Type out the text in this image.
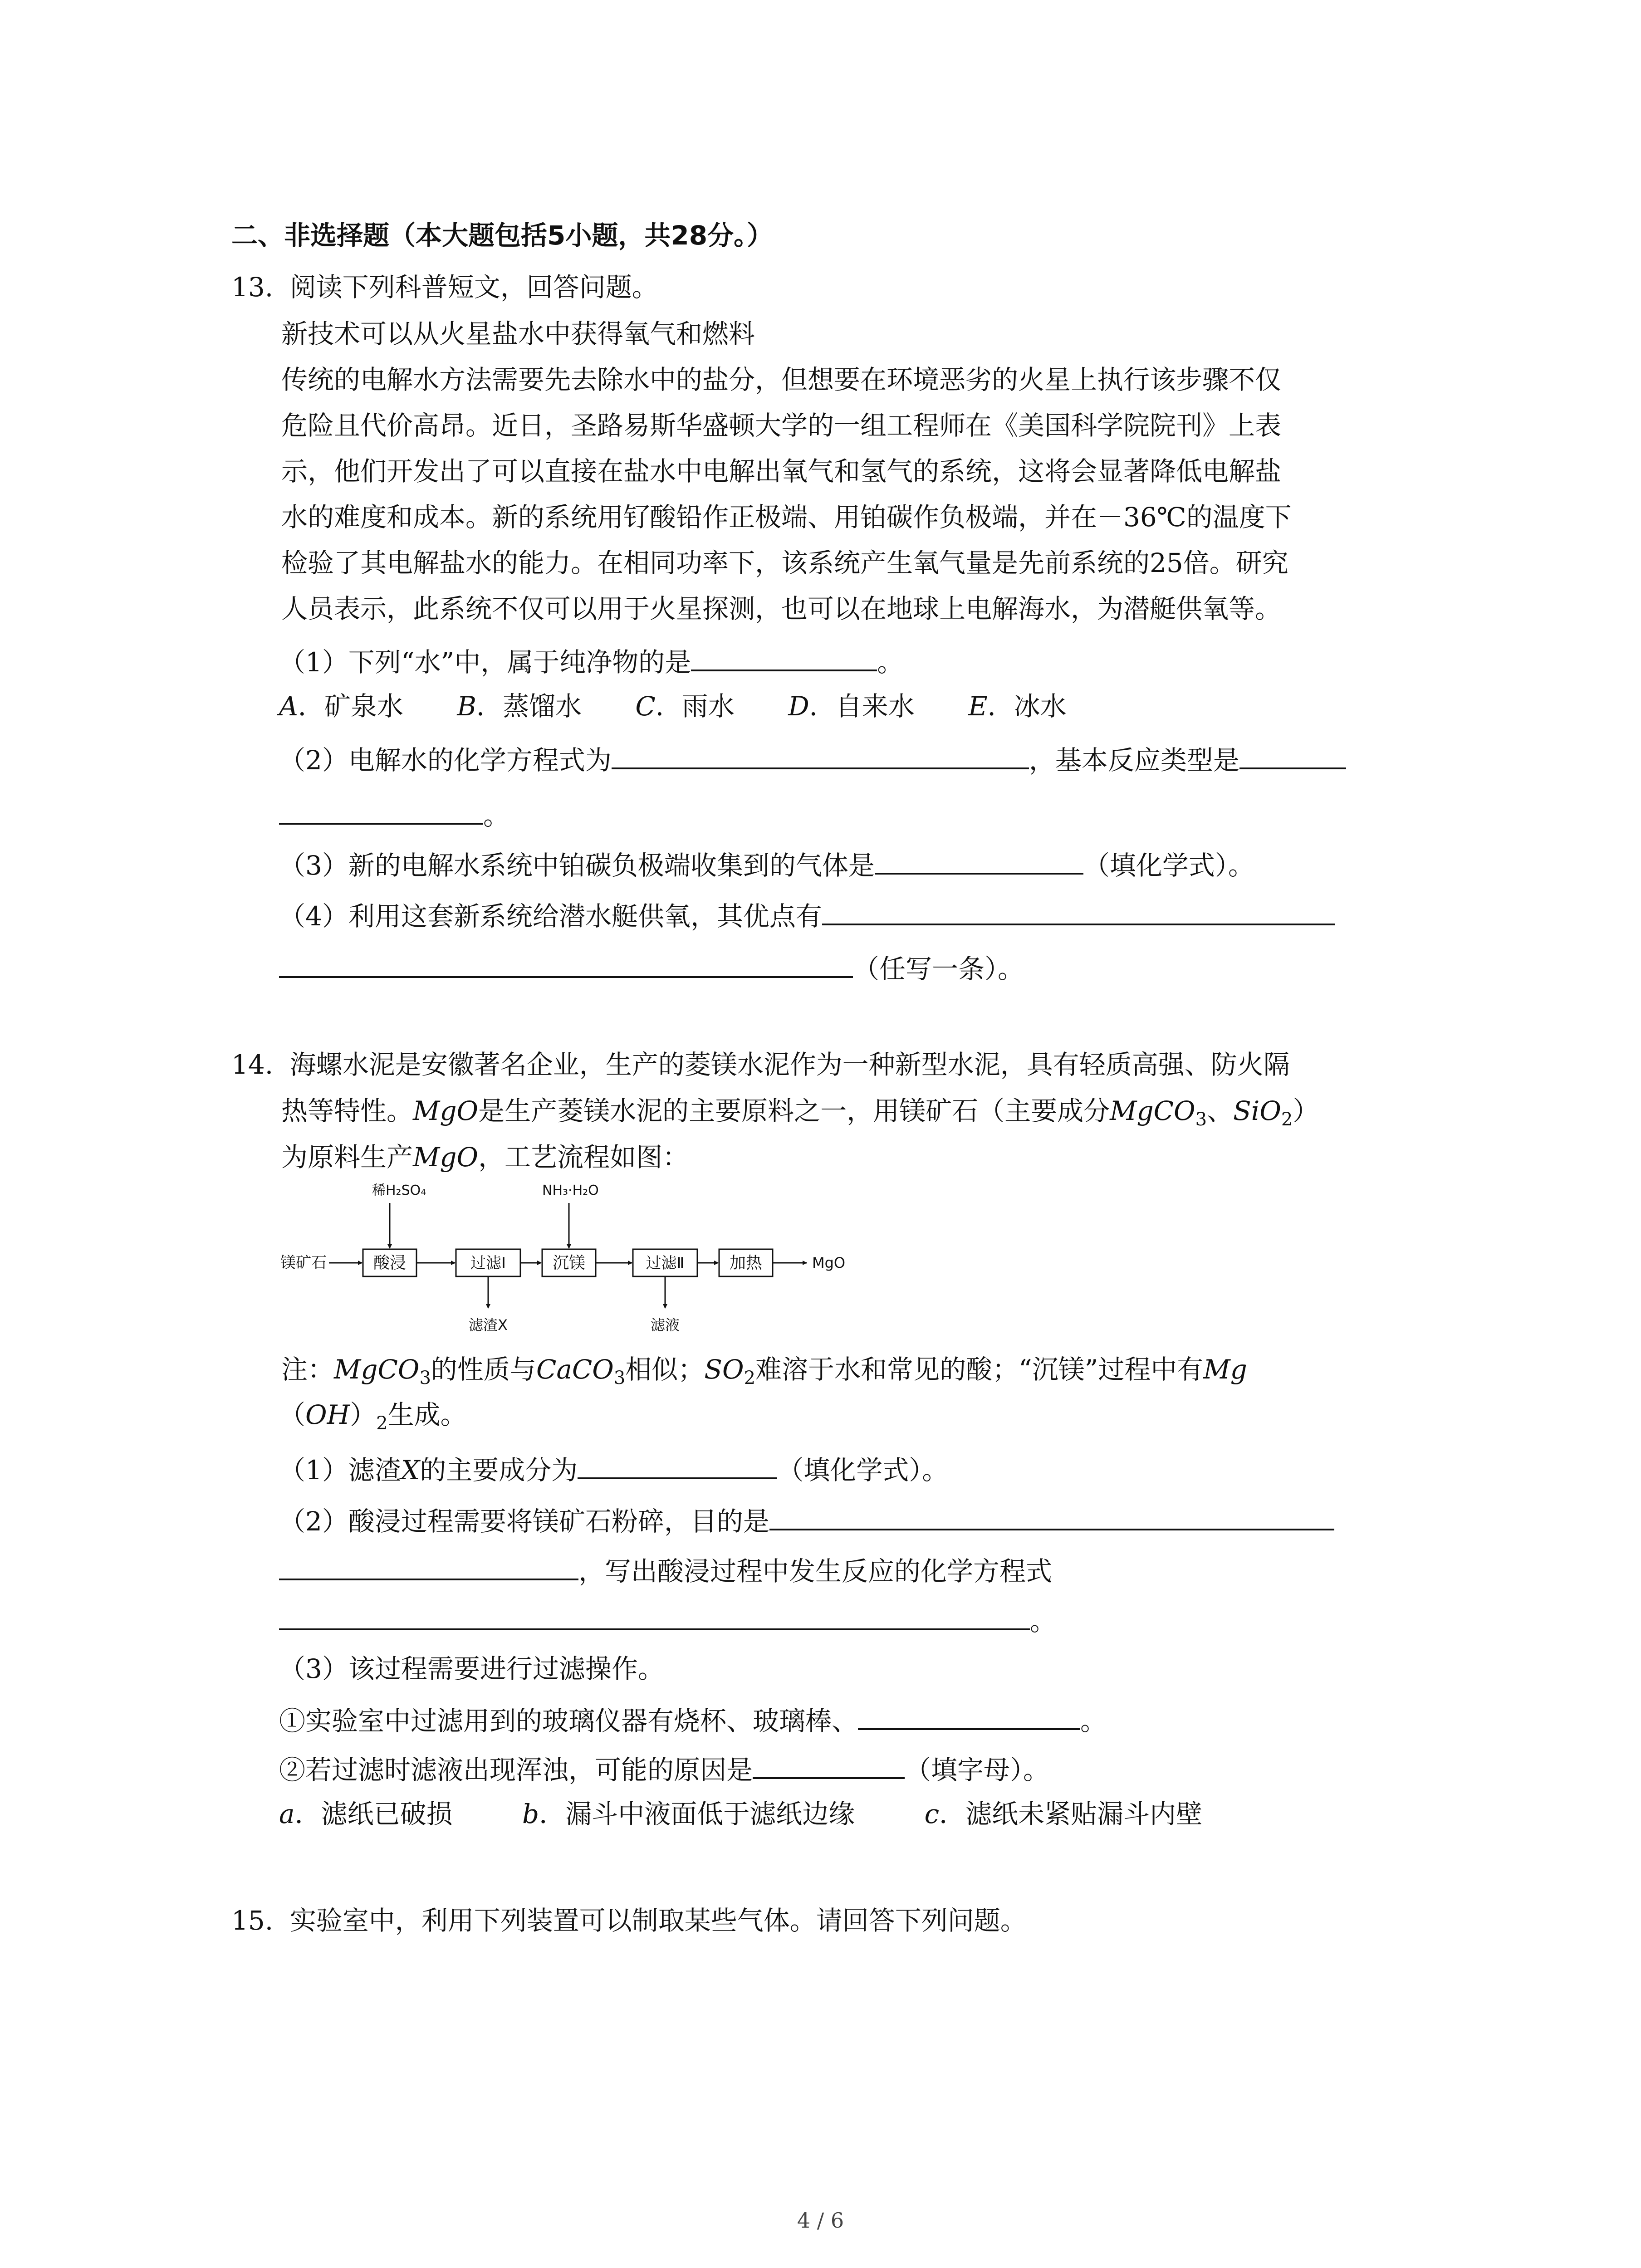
二、非选择题（本大题包括5小题，共28分。）
13. 阅读下列科普短文，回答问题。
新技术可以从火星盐水中获得氧气和燃料
传统的电解水方法需要先去除水中的盐分，但想要在环境恶劣的火星上执行该步骤不仅
危险且代价高昂。近日，圣路易斯华盛顿大学的一组工程师在《美国科学院院刊》上表
示，他们开发出了可以直接在盐水中电解出氧气和氢气的系统，这将会显著降低电解盐
水的难度和成本。新的系统用钌酸铅作正极端、用铂碳作负极端，并在－36℃的温度下
检验了其电解盐水的能力。在相同功率下，该系统产生氧气量是先前系统的25倍。研究
人员表示，此系统不仅可以用于火星探测，也可以在地球上电解海水，为潜艇供氧等。
（1）下列“水”中，属于纯净物的是	。
A．矿泉水 B．蒸馏水 C．雨水 D．自来水 E．冰水
（2）电解水的化学方程式为	，基本反应类型是
。
（3）新的电解水系统中铂碳负极端收集到的气体是	（填化学式）。
（4）利用这套新系统给潜水艇供氧，其优点有
（任写一条）。
14. 海螺水泥是安徽著名企业，生产的菱镁水泥作为一种新型水泥，具有轻质高强、防火隔
热等特性。MgO是生产菱镁水泥的主要原料之一，用镁矿石（主要成分MgCO$_3$、SiO$_2$）
为原料生产MgO，工艺流程如图：
镁矿石	酸浸	过滤Ⅰ	沉镁	过滤Ⅱ	加热	MgO
稀H₂SO₄	NH₃·H₂O
滤渣X	滤液
注：MgCO$_3$的性质与CaCO$_3$相似；$SO_2$难溶于水和常见的酸；“沉镁”过程中有Mg
$(OH)_2$生成。
（1）滤渣X的主要成分为	（填化学式）。
（2）酸浸过程需要将镁矿石粉碎，目的是
，写出酸浸过程中发生反应的化学方程式
。
（3）该过程需要进行过滤操作。
①实验室中过滤用到的玻璃仪器有烧杯、玻璃棒、	。
②若过滤时滤液出现浑浊，可能的原因是	（填字母）。
a．滤纸已破损	b．漏斗中液面低于滤纸边缘	c．滤纸未紧贴漏斗内壁
15. 实验室中，利用下列装置可以制取某些气体。请回答下列问题。
4 / 6
